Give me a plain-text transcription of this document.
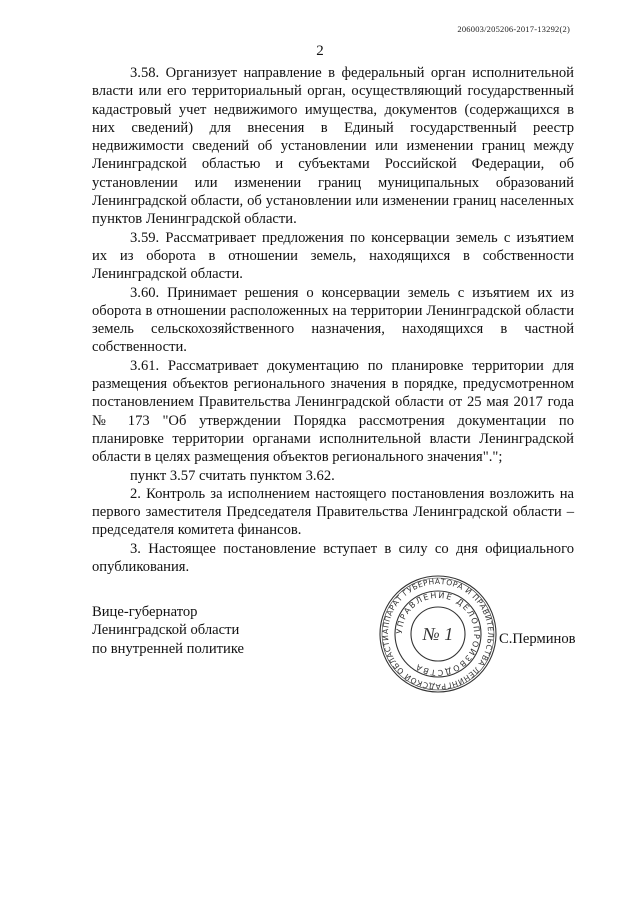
206003/205206-2017-13292(2)
2

3.58. Организует направление в федеральный орган исполнительной власти или его территориальный орган, осуществляющий государственный кадастровый учет недвижимого имущества, документов (содержащихся в них сведений) для внесения в Единый государственный реестр недвижимости сведений об установлении или изменении границ между Ленинградской областью и субъектами Российской Федерации, об установлении или изменении границ муниципальных образований Ленинградской области, об установлении или изменении границ населенных пунктов Ленинградской области.

3.59. Рассматривает предложения по консервации земель с изъятием их из оборота в отношении земель, находящихся в собственности Ленинградской области.

3.60. Принимает решения о консервации земель с изъятием их из оборота в отношении расположенных на территории Ленинградской области земель сельскохозяйственного назначения, находящихся в частной собственности.

3.61. Рассматривает документацию по планировке территории для размещения объектов регионального значения в порядке, предусмотренном постановлением Правительства Ленинградской области от 25 мая 2017 года № 173 "Об утверждении Порядка рассмотрения документации по планировке территории органами исполнительной власти Ленинградской области в целях размещения объектов регионального значения".";

пункт 3.57 считать пунктом 3.62.

2. Контроль за исполнением настоящего постановления возложить на первого заместителя Председателя Правительства Ленинградской области – председателя комитета финансов.

3. Настоящее постановление вступает в силу со дня официального опубликования.

Вице-губернатор
Ленинградской области
по внутренней политике
С.Перминов
АППАРАТ ГУБЕРНАТОРА И ПРАВИТЕЛЬСТВА ЛЕНИНГРАДСКОЙ ОБЛАСТИ
УПРАВЛЕНИЕ ДЕЛОПРОИЗВОДСТВА
№ 1
